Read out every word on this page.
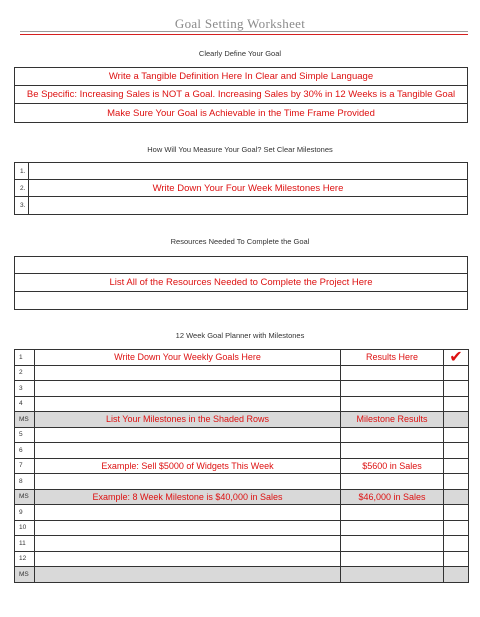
Goal Setting Worksheet
Clearly Define Your Goal
Write a Tangible Definition Here In Clear and Simple Language
Be Specific: Increasing Sales is NOT a Goal. Increasing Sales by 30% in 12 Weeks is a Tangible Goal
Make Sure Your Goal is Achievable in the Time Frame Provided
How Will You Measure Your Goal? Set Clear Milestones
1.
2.	Write Down Your Four Week Milestones Here
3.
Resources Needed To Complete the Goal
List All of the Resources Needed to Complete the Project Here
12 Week Goal Planner with Milestones
1	Write Down Your Weekly Goals Here	Results Here	✔
2			
3			
4			
MS	List Your Milestones in the Shaded Rows	Milestone Results	
5			
6			
7	Example: Sell $5000 of Widgets This Week	$5600 in Sales	
8			
MS	Example: 8 Week Milestone is $40,000 in Sales	$46,000 in Sales	
9			
10			
11			
12			
MS			
